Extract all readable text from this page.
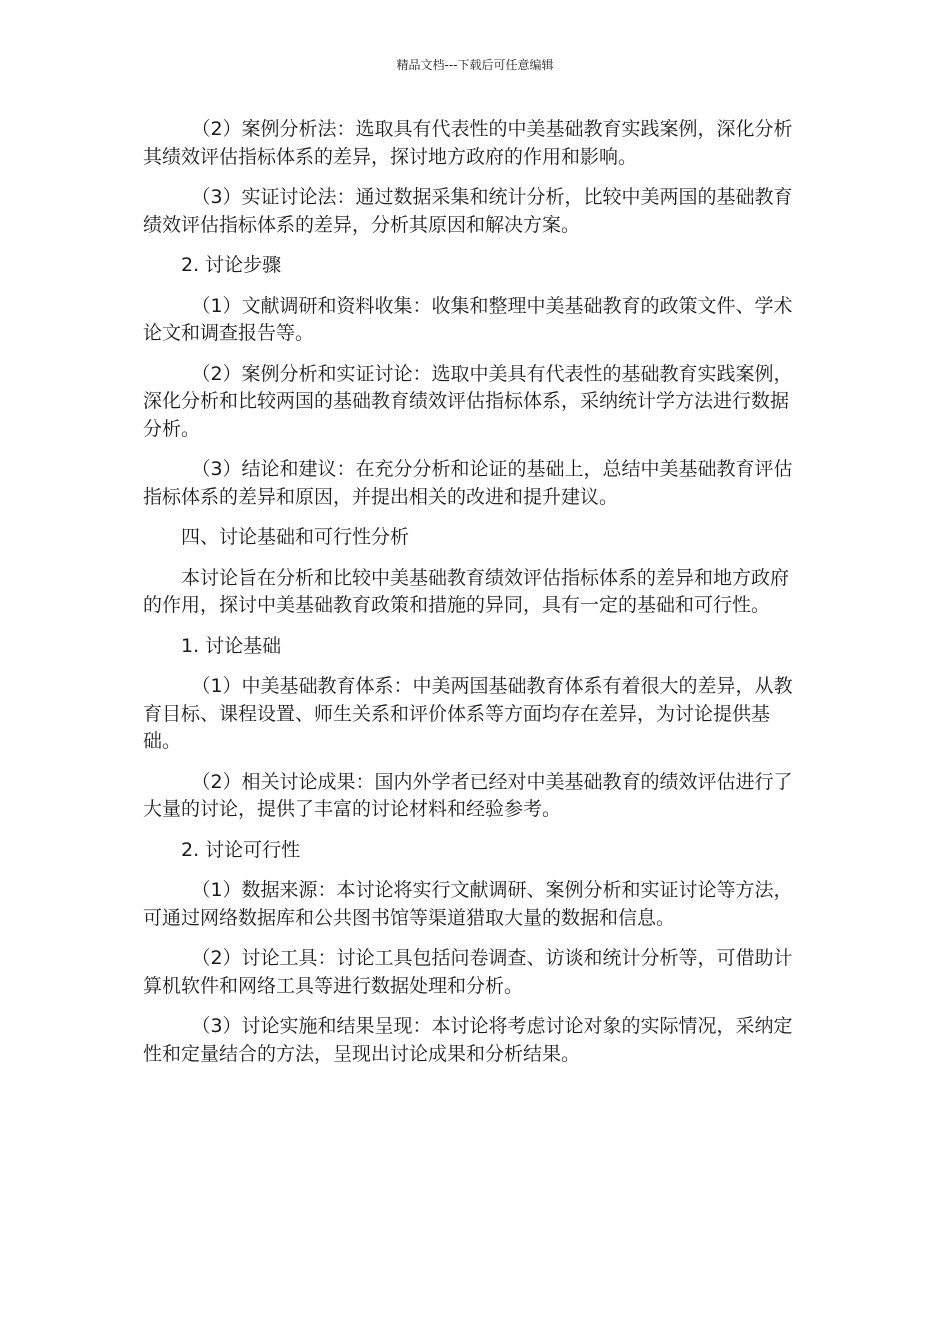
精品文档---下载后可任意编辑

（2）案例分析法：选取具有代表性的中美基础教育实践案例，深化分析其绩效评估指标体系的差异，探讨地方政府的作用和影响。

（3）实证讨论法：通过数据采集和统计分析，比较中美两国的基础教育绩效评估指标体系的差异，分析其原因和解决方案。

2. 讨论步骤

（1）文献调研和资料收集：收集和整理中美基础教育的政策文件、学术论文和调查报告等。

（2）案例分析和实证讨论：选取中美具有代表性的基础教育实践案例，深化分析和比较两国的基础教育绩效评估指标体系，采纳统计学方法进行数据分析。

（3）结论和建议：在充分分析和论证的基础上，总结中美基础教育评估指标体系的差异和原因，并提出相关的改进和提升建议。

四、讨论基础和可行性分析

本讨论旨在分析和比较中美基础教育绩效评估指标体系的差异和地方政府的作用，探讨中美基础教育政策和措施的异同，具有一定的基础和可行性。

1. 讨论基础

（1）中美基础教育体系：中美两国基础教育体系有着很大的差异，从教育目标、课程设置、师生关系和评价体系等方面均存在差异，为讨论提供基础。

（2）相关讨论成果：国内外学者已经对中美基础教育的绩效评估进行了大量的讨论，提供了丰富的讨论材料和经验参考。

2. 讨论可行性

（1）数据来源：本讨论将实行文献调研、案例分析和实证讨论等方法，可通过网络数据库和公共图书馆等渠道猎取大量的数据和信息。

（2）讨论工具：讨论工具包括问卷调查、访谈和统计分析等，可借助计算机软件和网络工具等进行数据处理和分析。

（3）讨论实施和结果呈现：本讨论将考虑讨论对象的实际情况，采纳定性和定量结合的方法，呈现出讨论成果和分析结果。
